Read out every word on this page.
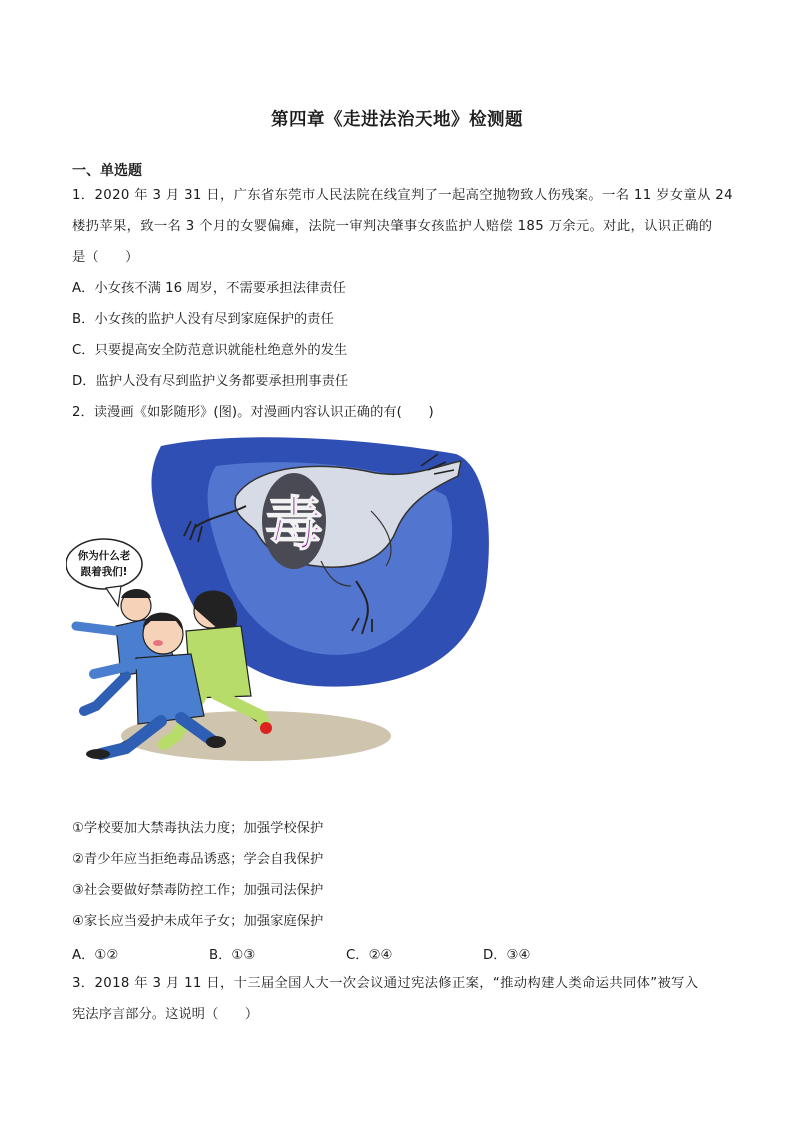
第四章《走进法治天地》检测题
一、单选题
1．2020 年 3 月 31 日，广东省东莞市人民法院在线宣判了一起高空抛物致人伤残案。一名 11 岁女童从 24
楼扔苹果，致一名 3 个月的女婴偏瘫，法院一审判决肇事女孩监护人赔偿 185 万余元。对此，认识正确的
是（　　）
A．小女孩不满 16 周岁，不需要承担法律责任
B．小女孩的监护人没有尽到家庭保护的责任
C．只要提高安全防范意识就能杜绝意外的发生
D．监护人没有尽到监护义务都要承担刑事责任
2．读漫画《如影随形》(图)。对漫画内容认识正确的有(　　)
毒
你为什么老
跟着我们!
①学校要加大禁毒执法力度；加强学校保护
②青少年应当拒绝毒品诱惑；学会自我保护
③社会要做好禁毒防控工作；加强司法保护
④家长应当爱护未成年子女；加强家庭保护
A．①②	B．①③	C．②④	D．③④
3．2018 年 3 月 11 日，十三届全国人大一次会议通过宪法修正案，“推动构建人类命运共同体”被写入
宪法序言部分。这说明（　　）
